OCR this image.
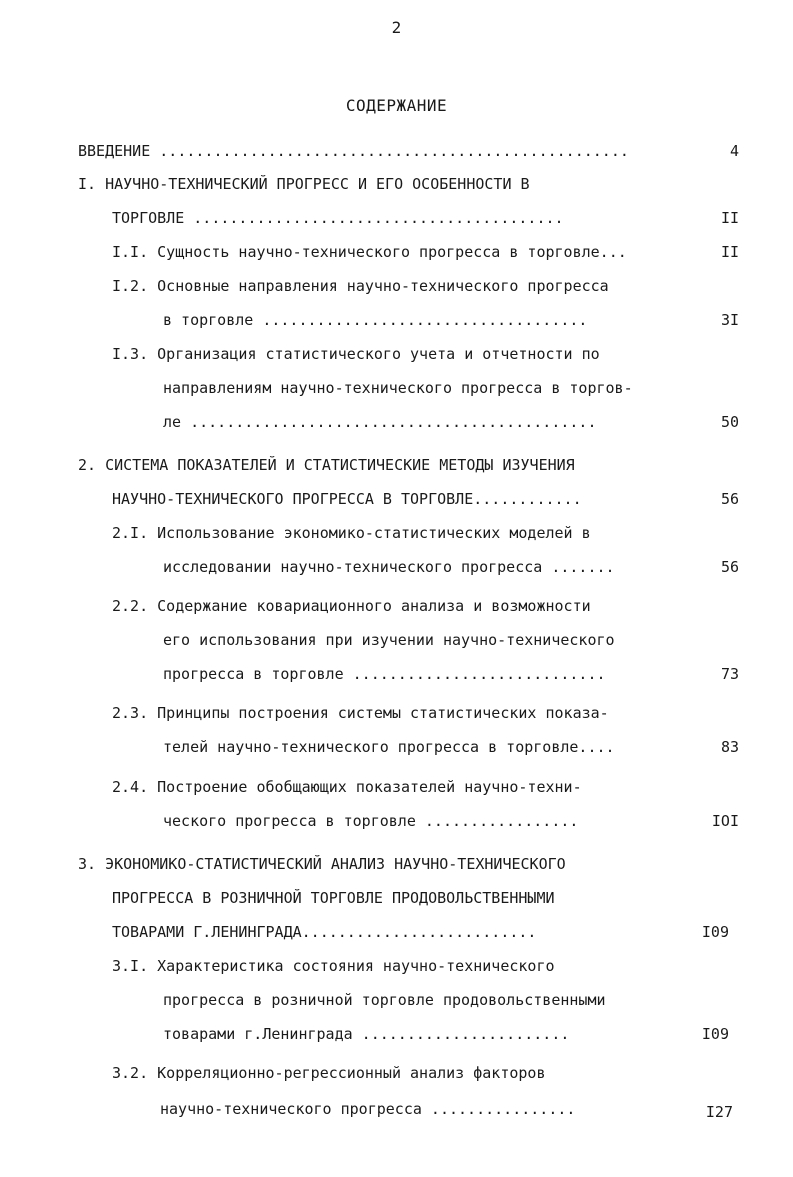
2
СОДЕРЖАНИЕ
ВВЕДЕНИЕ ....................................................	4
I. НАУЧНО-ТЕХНИЧЕСКИЙ ПРОГРЕСС И ЕГО ОСОБЕННОСТИ В
ТОРГОВЛЕ .........................................	II
I.I. Сущность научно-технического прогресса в торговле...	II
I.2. Основные направления научно-технического прогресса
в торговле ....................................	3I
I.3. Организация статистического учета и отчетности по
направлениям научно-технического прогресса в торгов-
ле .............................................	50
2. СИСТЕМА ПОКАЗАТЕЛЕЙ И СТАТИСТИЧЕСКИЕ МЕТОДЫ ИЗУЧЕНИЯ
НАУЧНО-ТЕХНИЧЕСКОГО ПРОГРЕССА В ТОРГОВЛЕ............	56
2.I. Использование экономико-статистических моделей в
исследовании научно-технического прогресса .......	56
2.2. Содержание ковариационного анализа и возможности
его использования при изучении научно-технического
прогресса в торговле ............................	73
2.3. Принципы построения системы статистических показа-
телей научно-технического прогресса в торговле....	83
2.4. Построение обобщающих показателей научно-техни-
ческого прогресса в торговле .................	IOI
3. ЭКОНОМИКО-СТАТИСТИЧЕСКИЙ АНАЛИЗ НАУЧНО-ТЕХНИЧЕСКОГО
ПРОГРЕССА В РОЗНИЧНОЙ ТОРГОВЛЕ ПРОДОВОЛЬСТВЕННЫМИ
ТОВАРАМИ Г.ЛЕНИНГРАДА..........................	I09
3.I. Характеристика состояния научно-технического
прогресса в розничной торговле продовольственными
товарами г.Ленинграда .......................	I09
3.2. Корреляционно-регрессионный анализ факторов
научно-технического прогресса ................	I27
